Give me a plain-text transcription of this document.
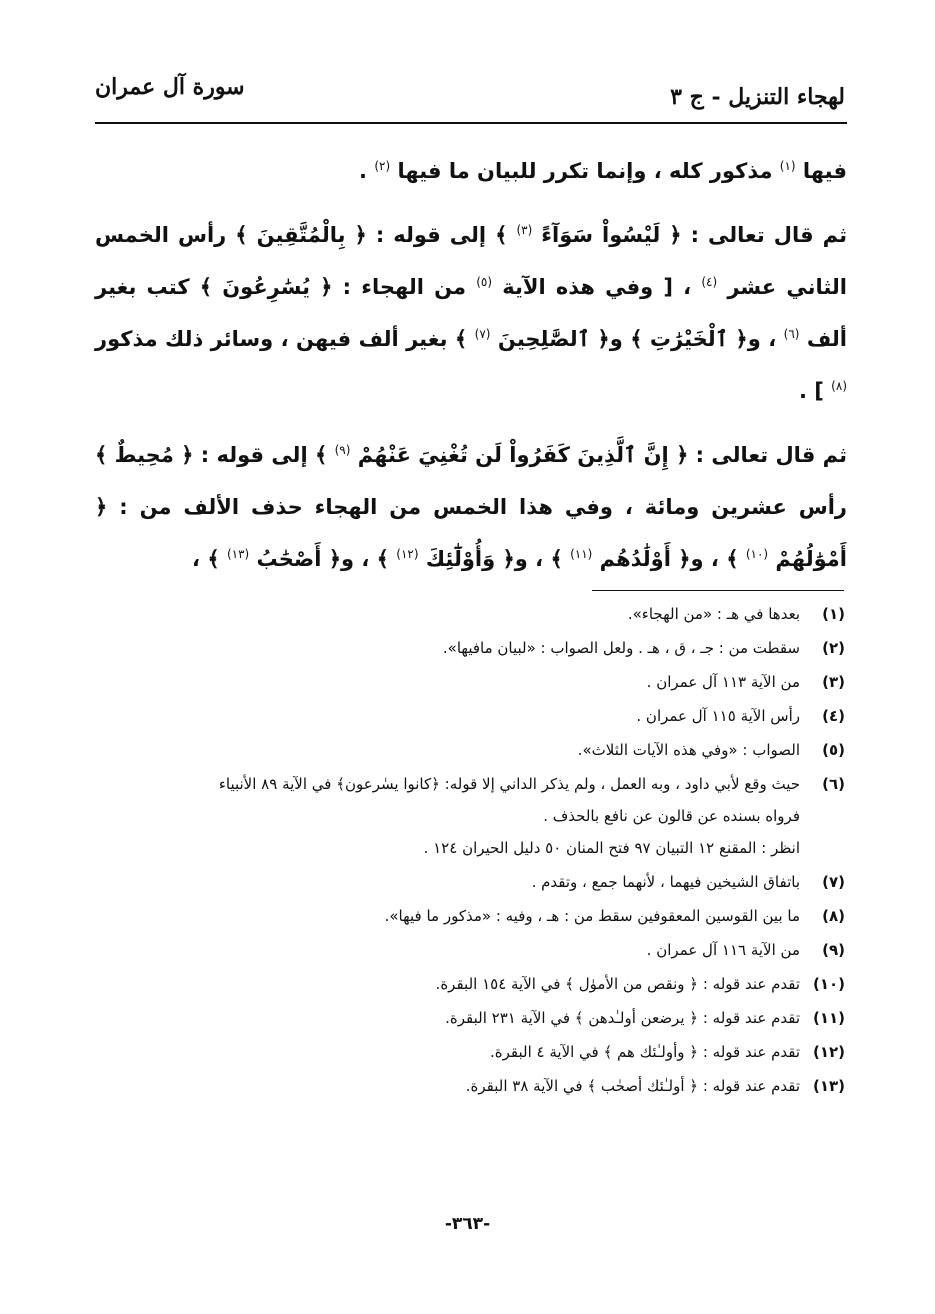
لهجاء التنزيل - ج ٣
سورة آل عمران

فيها $^{(١)}$ مذكور كله ، وإنما تكرر للبيان ما فيها $^{(٢)}$ .

ثم قال تعالى : ﴿ لَيْسُواْ سَوَآءً $^{(٣)}$ ﴾ إلى قوله : ﴿ بِالْمُتَّقِينَ ﴾ رأس الخمس الثاني عشر $^{(٤)}$ ، [ وفي هذه الآية $^{(٥)}$ من الهجاء : ﴿ يُسَٰرِعُونَ ﴾ كتب بغير ألف $^{(٦)}$ ، و﴿ ٱلْخَيْرَٰتِ ﴾ و﴿ ٱلصَّٰلِحِينَ $^{(٧)}$ ﴾ بغير ألف فيهن ، وسائر ذلك مذكور $^{(٨)}$ ] .

ثم قال تعالى : ﴿ إِنَّ ٱلَّذِينَ كَفَرُواْ لَن تُغْنِيَ عَنْهُمْ $^{(٩)}$ ﴾ إلى قوله : ﴿ مُحِيطٌ ﴾ رأس عشرين ومائة ، وفي هذا الخمس من الهجاء حذف الألف من : ﴿ أَمْوَٰلُهُمْ $^{(١٠)}$ ﴾ ، و﴿ أَوْلَٰدُهُم $^{(١١)}$ ﴾ ، و﴿ وَأُوْلَٰٓئِكَ $^{(١٢)}$ ﴾ ، و﴿ أَصْحَٰبُ $^{(١٣)}$ ﴾ ،

(١)
بعدها في هـ : «من الهجاء».
(٢)
سقطت من : جـ ، ق ، هـ . ولعل الصواب : «لبيان مافيها».
(٣)
من الآية ١١٣ آل عمران .
(٤)
رأس الآية ١١٥ آل عمران .
(٥)
الصواب : «وفي هذه الآيات الثلاث».
(٦)
حيث وقع لأبي داود ، وبه العمل ، ولم يذكر الداني إلا قوله: ﴿كانوا يسٰرعون﴾ في الآية ٨٩ الأنبياء
فرواه بسنده عن قالون عن نافع بالحذف .
انظر : المقنع ١٢ التبيان ٩٧ فتح المنان ٥٠ دليل الحيران ١٢٤ .
(٧)
باتفاق الشيخين فيهما ، لأنهما جمع ، وتقدم .
(٨)
ما بين القوسين المعقوفين سقط من : هـ ، وفيه : «مذكور ما فيها».
(٩)
من الآية ١١٦ آل عمران .
(١٠)
تقدم عند قوله : ﴿ ونقص من الأموٰل ﴾ في الآية ١٥٤ البقرة.
(١١)
تقدم عند قوله : ﴿ يرضعن أولـٰدهن ﴾ في الآية ٢٣١ البقرة.
(١٢)
تقدم عند قوله : ﴿ وأولـٰئك هم ﴾ في الآية ٤ البقرة.
(١٣)
تقدم عند قوله : ﴿ أولـٰئك أصحٰب ﴾ في الآية ٣٨ البقرة.
-٣٦٣-
